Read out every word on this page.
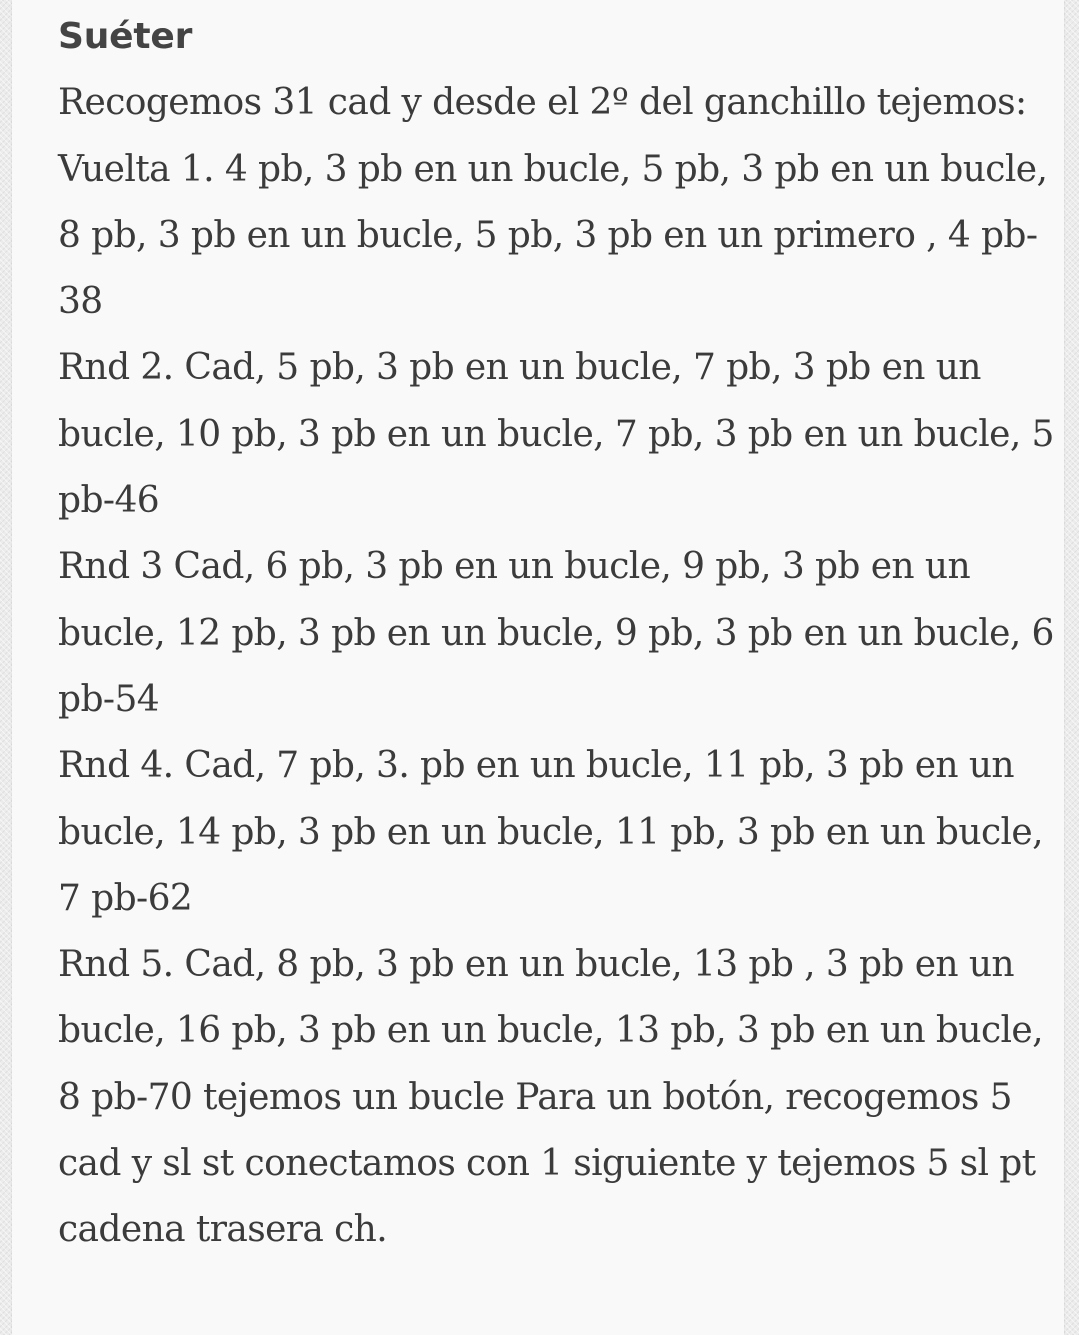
Suéter

Recogemos 31 cad y desde el 2º del ganchillo tejemos:

Vuelta 1. 4 pb, 3 pb en un bucle, 5 pb, 3 pb en un bucle, 8 pb, 3 pb en un bucle, 5 pb, 3 pb en un primero , 4 pb-38

Rnd 2. Cad, 5 pb, 3 pb en un bucle, 7 pb, 3 pb en un bucle, 10 pb, 3 pb en un bucle, 7 pb, 3 pb en un bucle, 5 pb-46

Rnd 3 Cad, 6 pb, 3 pb en un bucle, 9 pb, 3 pb en un bucle, 12 pb, 3 pb en un bucle, 9 pb, 3 pb en un bucle, 6 pb-54

Rnd 4. Cad, 7 pb, 3. pb en un bucle, 11 pb, 3 pb en un bucle, 14 pb, 3 pb en un bucle, 11 pb, 3 pb en un bucle, 7 pb-62

Rnd 5. Cad, 8 pb, 3 pb en un bucle, 13 pb , 3 pb en un bucle, 16 pb, 3 pb en un bucle, 13 pb, 3 pb en un bucle, 8 pb-70 tejemos un bucle Para un botón, recogemos 5 cad y sl st conectamos con 1 siguiente y tejemos 5 sl pt cadena trasera ch.
